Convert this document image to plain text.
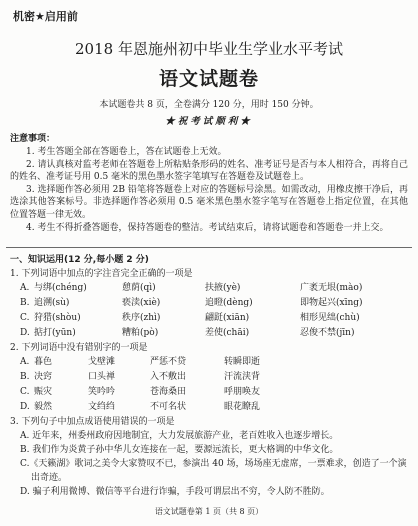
机密★启用前
2018 年恩施州初中毕业生学业水平考试
语文试题卷
本试题卷共 8 页，全卷满分 120 分，用时 150 分钟。
★祝考试顺利★
注意事项：

1. 考生答题全部在答题卷上，答在试题卷上无效。

2. 请认真核对监考老师在答题卷上所粘贴条形码的姓名、准考证号是否与本人相符合，再将自己的姓名、准考证号用 0.5 毫米的黑色墨水签字笔填写在答题卷及试题卷上。

3. 选择题作答必须用 2B 铅笔将答题卷上对应的答题标号涂黑。如需改动，用橡皮擦干净后，再选涂其他答案标号。非选择题作答必须用 0.5 毫米黑色墨水签字笔写在答题卷上指定位置，在其他位置答题一律无效。

4. 考生不得折叠答题卷，保持答题卷的整洁。考试结束后，请将试题卷和答题卷一并上交。

一、知识运用(12 分,每小题 2 分)
1. 下列词语中加点的字注音完全正确的一项是
A. 与绑(chéng)	憩荫(qì)	扶掖(yè)	广袤无垠(mào)
B. 追溯(sù)	亵渎(xiè)	追瞪(dèng)	即物起兴(xīng)
C. 狩猎(shòu)	秩序(zhì)	翩跹(xiān)	相形见绌(chù)
D. 掂打(yūn)	糟粕(pò)	差使(chāi)	忍俊不禁(jīn)
2. 下列词语中没有错别字的一项是
A. 暮色	戈壁滩	严惩不贷	转瞬即逝
B. 决窍	口头禅	入不敷出	汗流浃背
C. 赈灾	笑吟吟	苍海桑田	呼朋唤友
D. 毅然	文绉绉	不可名状	眼花瞭乱
3. 下列句子中加点成语使用错误的一项是
A. 近年来，州委州政府因地制宜，大力发展旅游产业，老百姓收入也逐步增长。
B. 我们作为炎黄子孙中华儿女连接在一起，要源远流长，更大格调的中华文化。
C.《天籁湖》歌词之美令大家赞叹不已，参演出 40 场，场场座无虚席，一票难求，创造了一个演出奇迹。
D. 骗子利用微博、微信等平台进行诈骗，手段可谓层出不穷，令人防不胜防。
语文试题卷第 1 页（共 8 页）
